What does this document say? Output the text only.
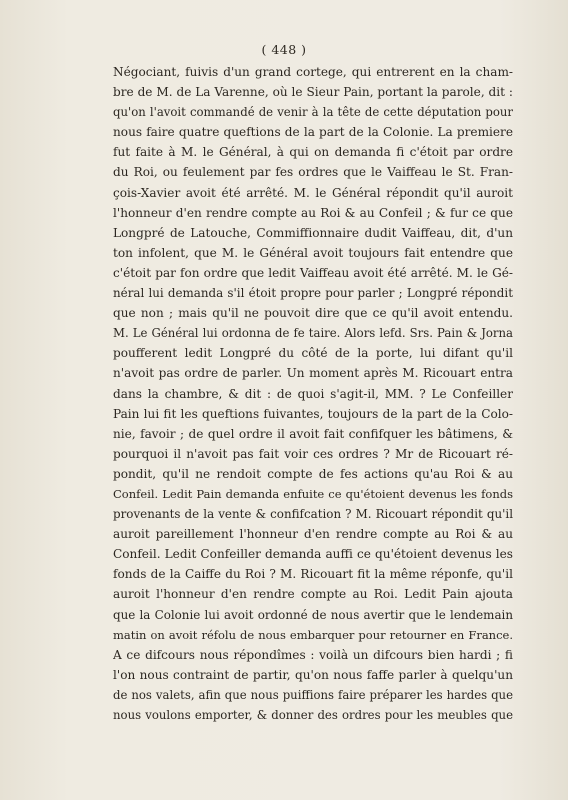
( 448 )
Négociant, fuivis d'un grand cortege, qui entrerent en la cham-
bre de M. de La Varenne, où le Sieur Pain, portant la parole, dit :
qu'on l'avoit commandé de venir à la tête de cette députation pour
nous faire quatre queftions de la part de la Colonie. La premiere
fut faite à M. le Général, à qui on demanda fi c'étoit par ordre
du Roi, ou feulement par fes ordres que le Vaiffeau le St. Fran-
çois-Xavier avoit été arrêté. M. le Général répondit qu'il auroit
l'honneur d'en rendre compte au Roi & au Confeil ; & fur ce que
Longpré de Latouche, Commiffionnaire dudit Vaiffeau, dit, d'un
ton infolent, que M. le Général avoit toujours fait entendre que
c'étoit par fon ordre que ledit Vaiffeau avoit été arrêté. M. le Gé-
néral lui demanda s'il étoit propre pour parler ; Longpré répondit
que non ; mais qu'il ne pouvoit dire que ce qu'il avoit entendu.
M. Le Général lui ordonna de fe taire. Alors lefd. Srs. Pain & Jorna
poufferent ledit Longpré du côté de la porte, lui difant qu'il
n'avoit pas ordre de parler. Un moment après M. Ricouart entra
dans la chambre, & dit : de quoi s'agit-il, MM. ? Le Confeiller
Pain lui fit les queftions fuivantes, toujours de la part de la Colo-
nie, favoir ; de quel ordre il avoit fait confifquer les bâtimens, &
pourquoi il n'avoit pas fait voir ces ordres ? Mr de Ricouart ré-
pondit, qu'il ne rendoit compte de fes actions qu'au Roi & au
Confeil. Ledit Pain demanda enfuite ce qu'étoient devenus les fonds
provenants de la vente & confifcation ? M. Ricouart répondit qu'il
auroit pareillement l'honneur d'en rendre compte au Roi & au
Confeil. Ledit Confeiller demanda auffi ce qu'étoient devenus les
fonds de la Caiffe du Roi ? M. Ricouart fit la même réponfe, qu'il
auroit l'honneur d'en rendre compte au Roi. Ledit Pain ajouta
que la Colonie lui avoit ordonné de nous avertir que le lendemain
matin on avoit réfolu de nous embarquer pour retourner en France.
A ce difcours nous répondîmes : voilà un difcours bien hardi ; fi
l'on nous contraint de partir, qu'on nous faffe parler à quelqu'un
de nos valets, afin que nous puiffions faire préparer les hardes que
nous voulons emporter, & donner des ordres pour les meubles que
